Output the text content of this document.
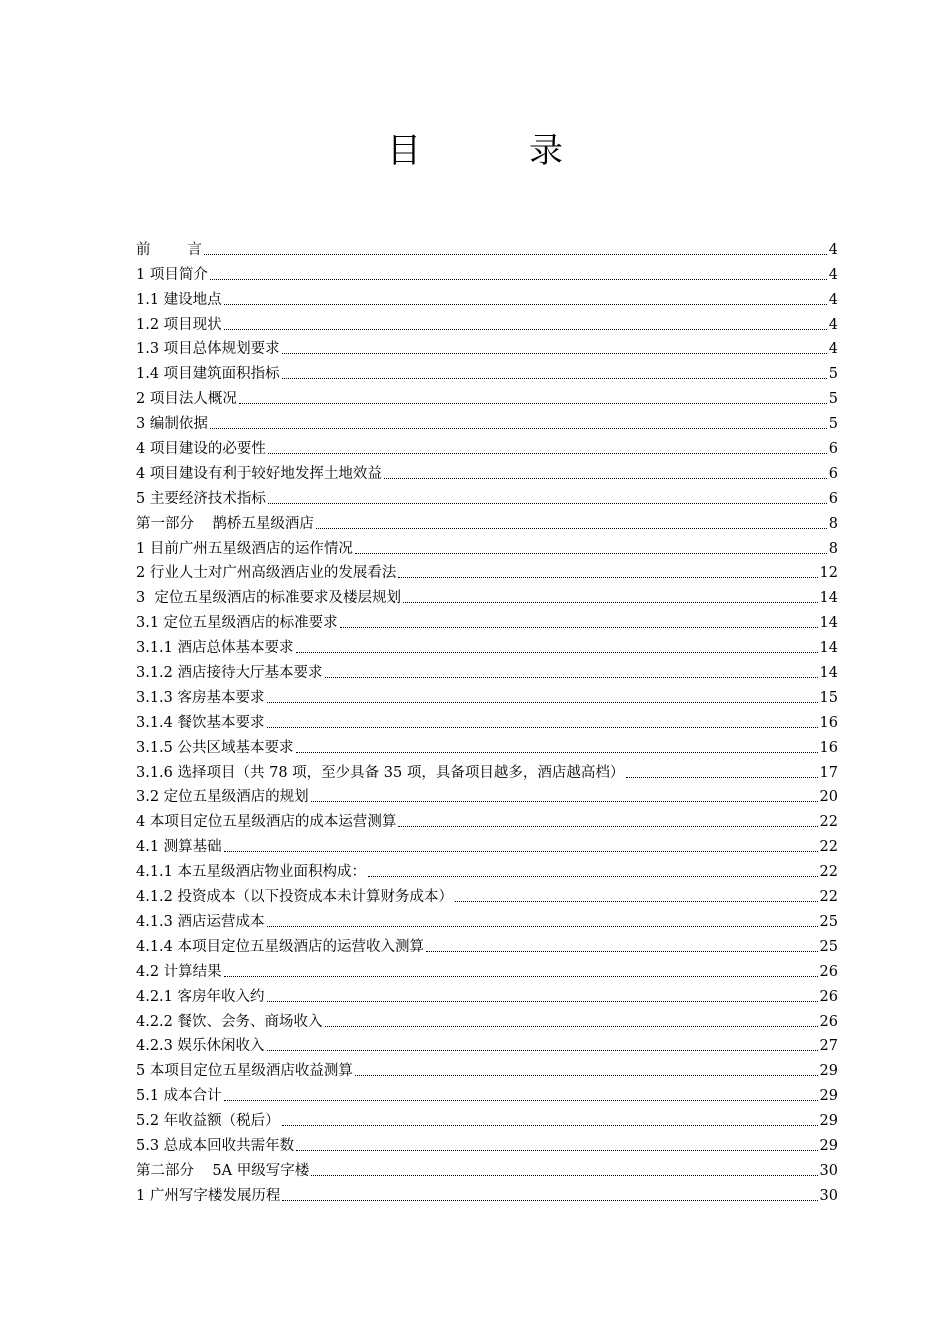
目          录
前        言	4
1 项目简介	4
1.1 建设地点	4
1.2 项目现状	4
1.3 项目总体规划要求	4
1.4 项目建筑面积指标	5
2 项目法人概况	5
3 编制依据	5
4 项目建设的必要性	6
4 项目建设有利于较好地发挥土地效益	6
5 主要经济技术指标	6
第一部分    鹊桥五星级酒店	8
1 目前广州五星级酒店的运作情况	8
2 行业人士对广州高级酒店业的发展看法	12
3  定位五星级酒店的标准要求及楼层规划	14
3.1 定位五星级酒店的标准要求	14
3.1.1 酒店总体基本要求	14
3.1.2 酒店接待大厅基本要求	14
3.1.3 客房基本要求	15
3.1.4 餐饮基本要求	16
3.1.5 公共区域基本要求	16
3.1.6 选择项目（共 78 项，至少具备 35 项，具备项目越多，酒店越高档）	17
3.2 定位五星级酒店的规划	20
4 本项目定位五星级酒店的成本运营测算	22
4.1 测算基础	22
4.1.1 本五星级酒店物业面积构成：	22
4.1.2 投资成本（以下投资成本未计算财务成本）	22
4.1.3 酒店运营成本	25
4.1.4 本项目定位五星级酒店的运营收入测算	25
4.2 计算结果	26
4.2.1 客房年收入约	26
4.2.2 餐饮、会务、商场收入	26
4.2.3 娱乐休闲收入	27
5 本项目定位五星级酒店收益测算	29
5.1 成本合计	29
5.2 年收益额（税后）	29
5.3 总成本回收共需年数	29
第二部分    5A 甲级写字楼	30
1 广州写字楼发展历程	30
